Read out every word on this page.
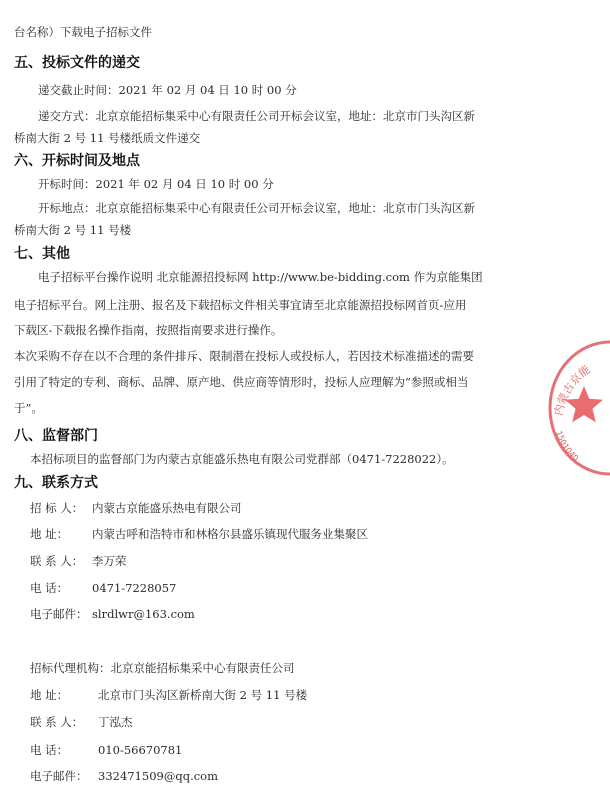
台名称）下载电子招标文件
五、投标文件的递交
递交截止时间：2021 年 02 月 04 日 10 时 00 分
递交方式：北京京能招标集采中心有限责任公司开标会议室，地址：北京市门头沟区新
桥南大街 2 号 11 号楼纸质文件递交
六、开标时间及地点
开标时间：2021 年 02 月 04 日 10 时 00 分
开标地点：北京京能招标集采中心有限责任公司开标会议室，地址：北京市门头沟区新
桥南大街 2 号 11 号楼
七、其他
电子招标平台操作说明 北京能源招投标网 http://www.be-bidding.com 作为京能集团
电子招标平台。网上注册、报名及下载招标文件相关事宜请至北京能源招投标网首页-应用
下载区-下载报名操作指南，按照指南要求进行操作。
本次采购不存在以不合理的条件排斥、限制潜在投标人或投标人，若因技术标准描述的需要
引用了特定的专利、商标、品牌、原产地、供应商等情形时，投标人应理解为“参照或相当
于”。
八、监督部门
本招标项目的监督部门为内蒙古京能盛乐热电有限公司党群部（0471-7228022）。
九、联系方式
招 标 人： 内蒙古京能盛乐热电有限公司
地 址： 内蒙古呼和浩特市和林格尔县盛乐镇现代服务业集聚区
联 系 人： 李万荣
电 话： 0471-7228057
电子邮件： slrdlwr@163.com
招标代理机构：北京京能招标集采中心有限责任公司
地 址：	北京市门头沟区新桥南大街 2 号 11 号楼
联 系 人： 丁泓杰
电 话：	010-56670781
电子邮件： 332471509@qq.com
内蒙古京能
1501040
